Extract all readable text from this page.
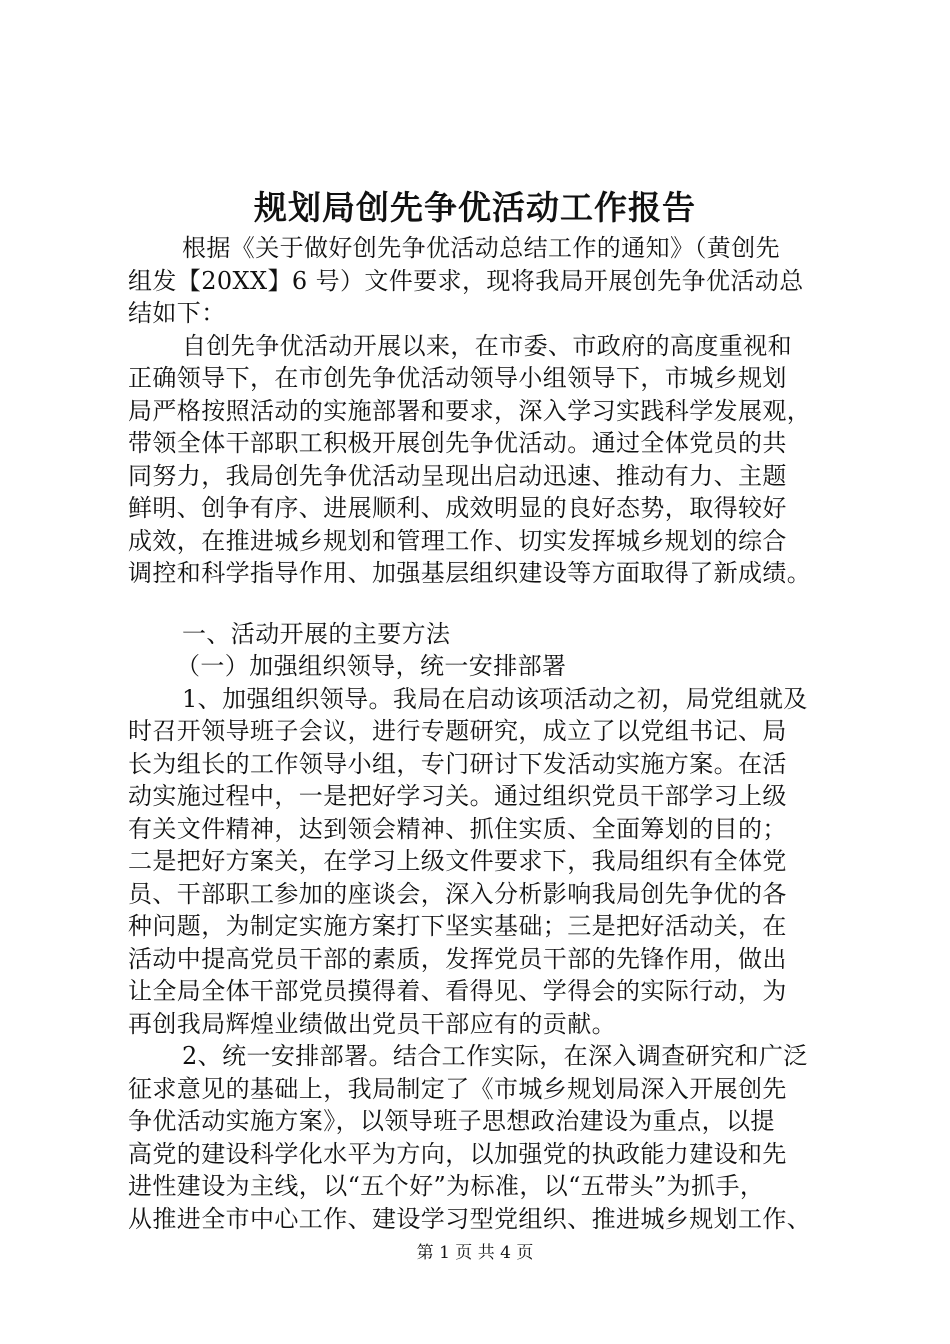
规划局创先争优活动工作报告
根据《关于做好创先争优活动总结工作的通知》（黄创先
组发【20XX】6 号）文件要求，现将我局开展创先争优活动总
结如下：
自创先争优活动开展以来，在市委、市政府的高度重视和
正确领导下，在市创先争优活动领导小组领导下，市城乡规划
局严格按照活动的实施部署和要求，深入学习实践科学发展观，
带领全体干部职工积极开展创先争优活动。通过全体党员的共
同努力，我局创先争优活动呈现出启动迅速、推动有力、主题
鲜明、创争有序、进展顺利、成效明显的良好态势，取得较好
成效，在推进城乡规划和管理工作、切实发挥城乡规划的综合
调控和科学指导作用、加强基层组织建设等方面取得了新成绩。
一、活动开展的主要方法
（一）加强组织领导，统一安排部署
1、加强组织领导。我局在启动该项活动之初，局党组就及
时召开领导班子会议，进行专题研究，成立了以党组书记、局
长为组长的工作领导小组，专门研讨下发活动实施方案。在活
动实施过程中，一是把好学习关。通过组织党员干部学习上级
有关文件精神，达到领会精神、抓住实质、全面筹划的目的；
二是把好方案关，在学习上级文件要求下，我局组织有全体党
员、干部职工参加的座谈会，深入分析影响我局创先争优的各
种问题，为制定实施方案打下坚实基础；三是把好活动关，在
活动中提高党员干部的素质，发挥党员干部的先锋作用，做出
让全局全体干部党员摸得着、看得见、学得会的实际行动，为
再创我局辉煌业绩做出党员干部应有的贡献。
2、统一安排部署。结合工作实际，在深入调查研究和广泛
征求意见的基础上，我局制定了《市城乡规划局深入开展创先
争优活动实施方案》，以领导班子思想政治建设为重点，以提
高党的建设科学化水平为方向，以加强党的执政能力建设和先
进性建设为主线，以“五个好”为标准，以“五带头”为抓手，
从推进全市中心工作、建设学习型党组织、推进城乡规划工作、
第 1 页 共 4 页
